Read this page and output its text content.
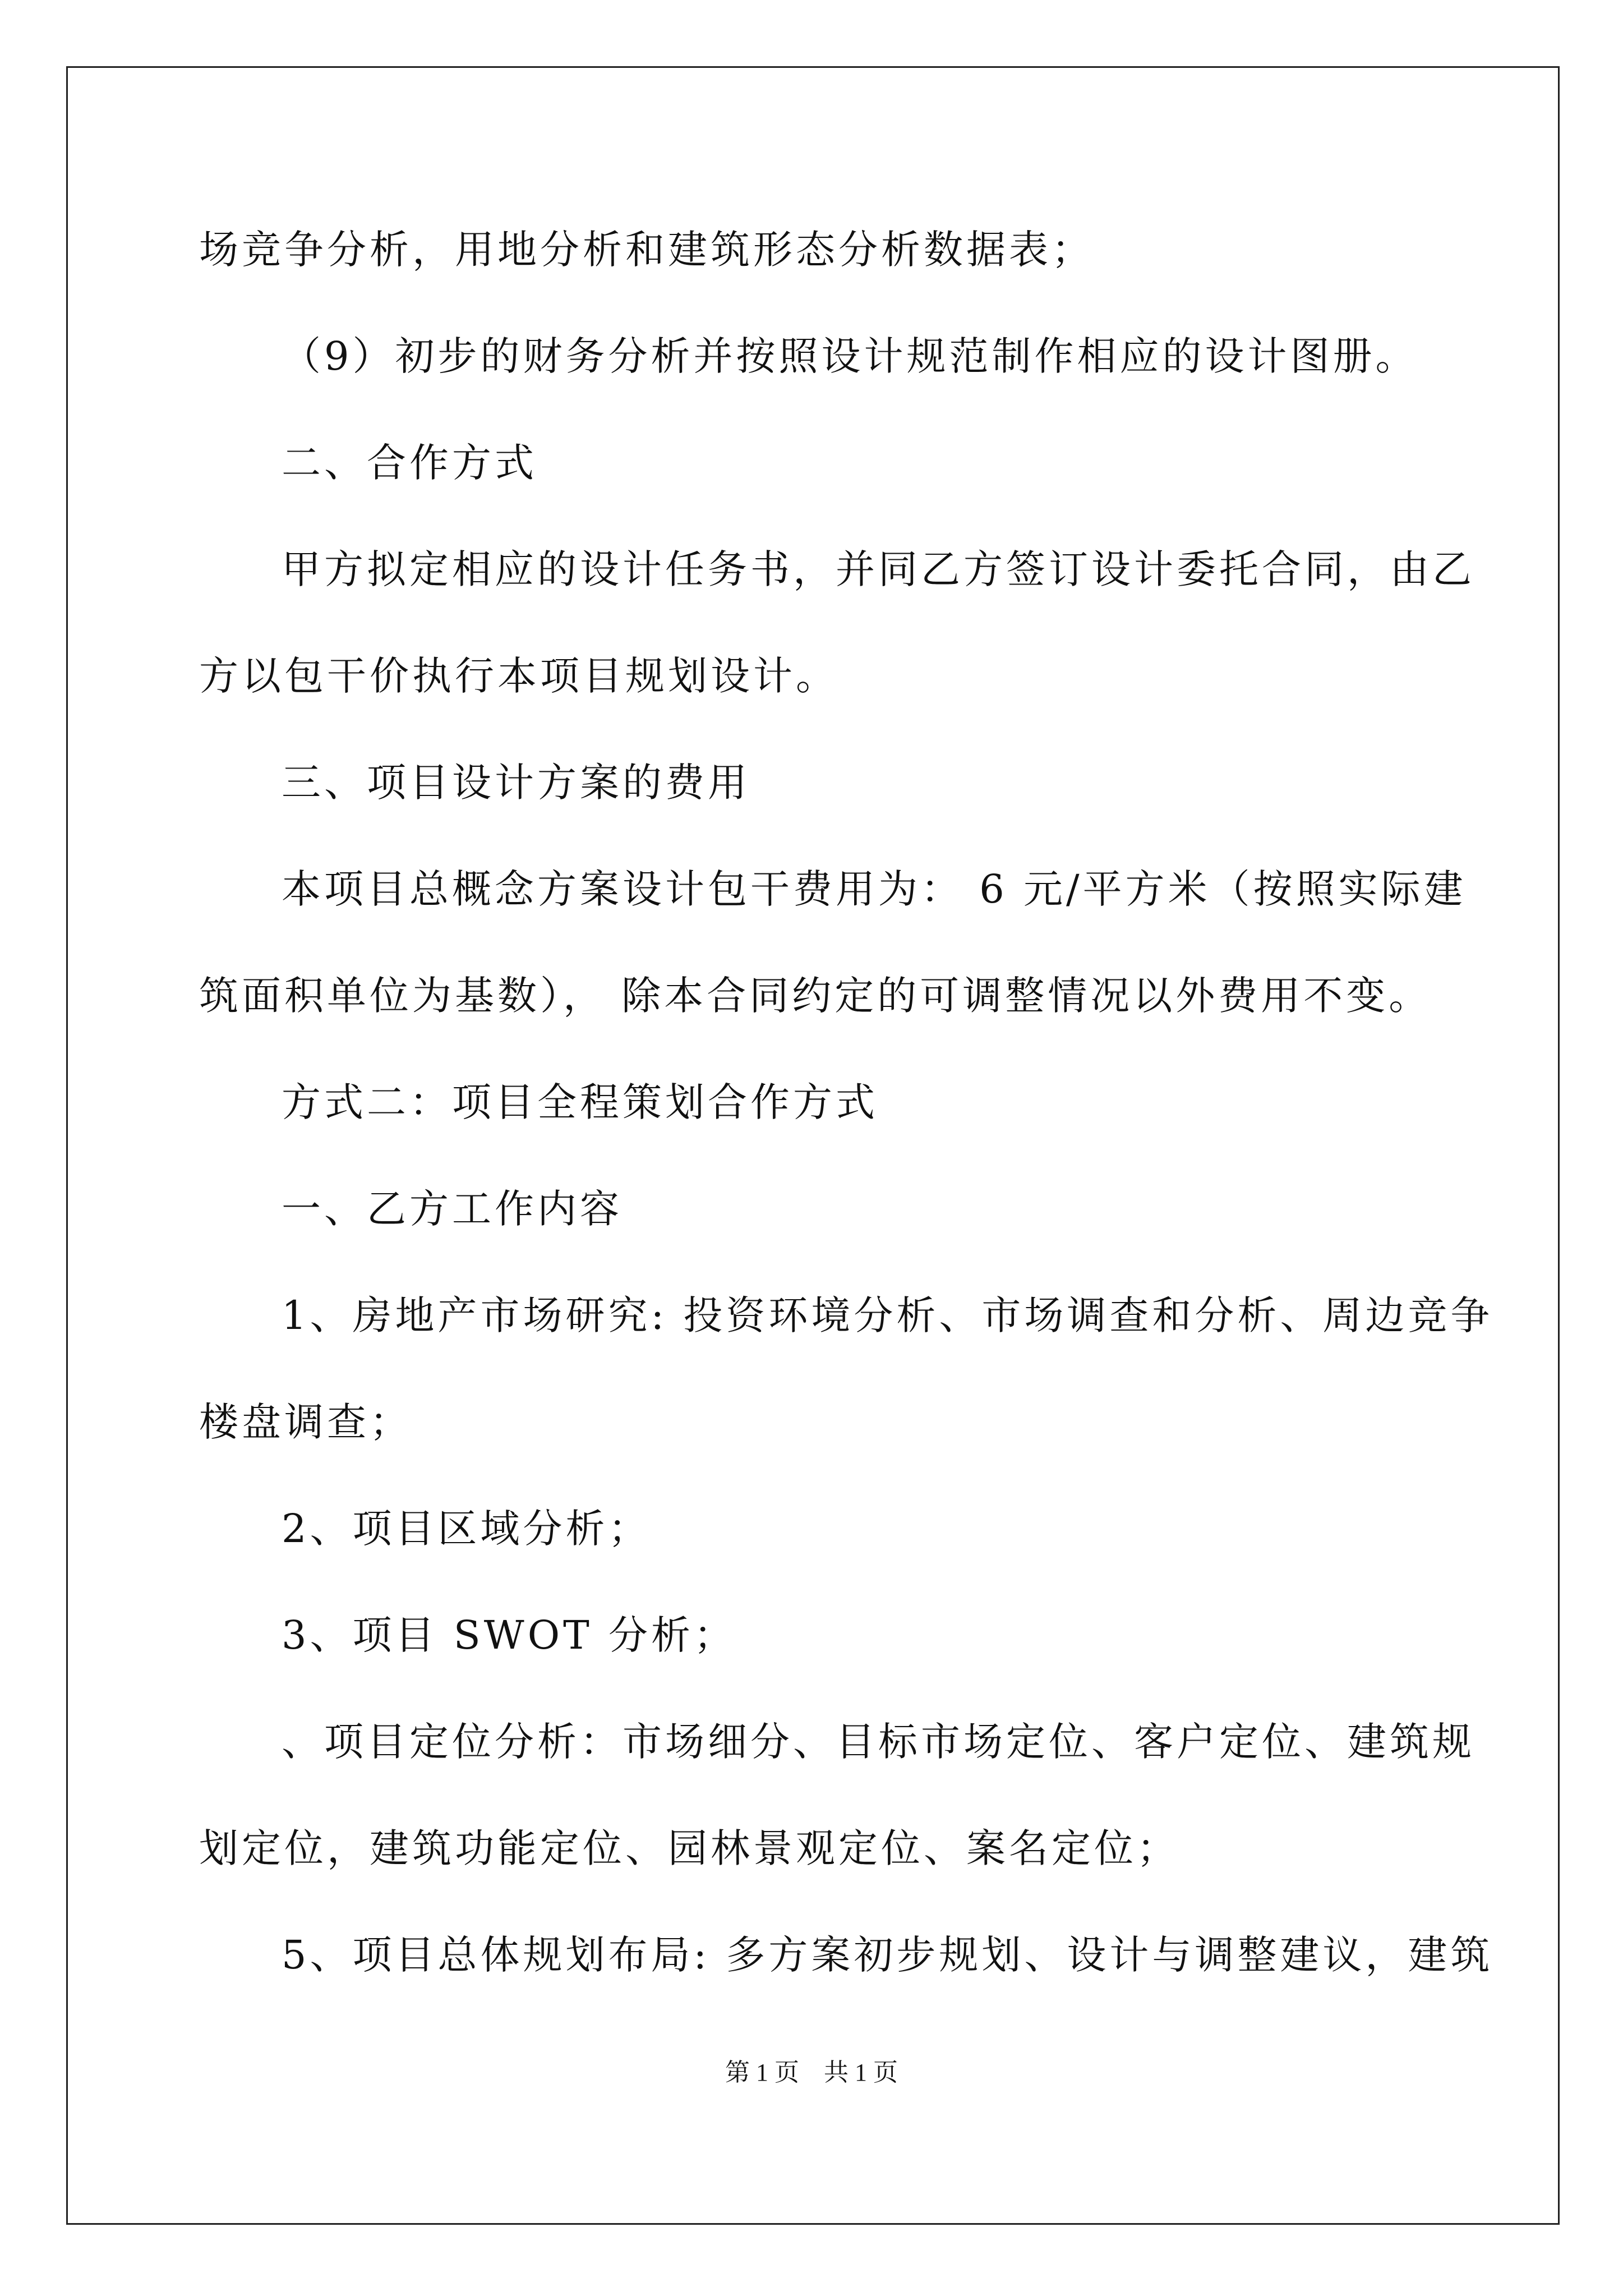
场竞争分析，用地分析和建筑形态分析数据表；
（9）初步的财务分析并按照设计规范制作相应的设计图册。
二、合作方式
甲方拟定相应的设计任务书，并同乙方签订设计委托合同，由乙
方以包干价执行本项目规划设计。
三、项目设计方案的费用
本项目总概念方案设计包干费用为： 6 元/平方米（按照实际建
筑面积单位为基数）， 除本合同约定的可调整情况以外费用不变。
方式二：项目全程策划合作方式
一、乙方工作内容
1、房地产市场研究: 投资环境分析、市场调查和分析、周边竞争
楼盘调查；
2、项目区域分析；
3、项目 SWOT 分析；
、项目定位分析：市场细分、目标市场定位、客户定位、建筑规
划定位，建筑功能定位、园林景观定位、案名定位；
5、项目总体规划布局: 多方案初步规划、设计与调整建议，建筑
第 1 页　共 1 页
